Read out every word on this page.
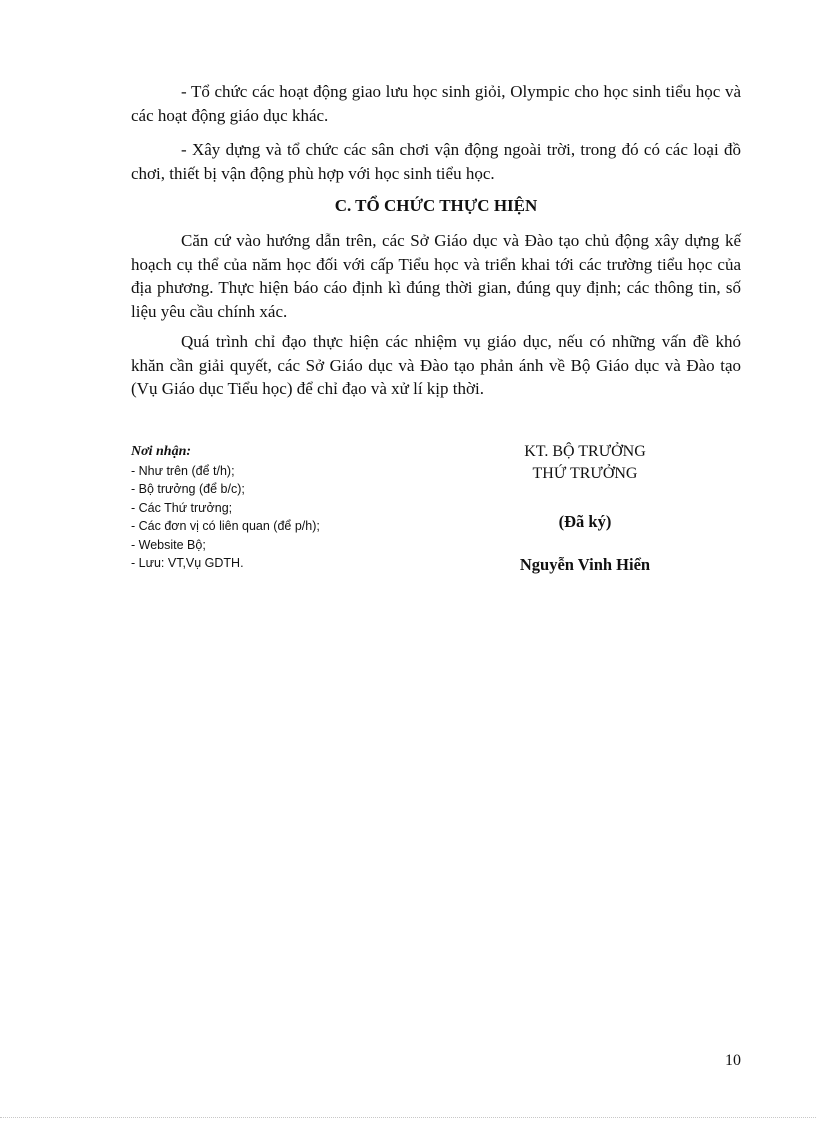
- Tổ chức các hoạt động giao lưu học sinh giỏi, Olympic cho học sinh tiểu học và các hoạt động giáo dục khác.

- Xây dựng và tổ chức các sân chơi vận động ngoài trời, trong đó có các loại đồ chơi, thiết bị vận động phù hợp với học sinh tiểu học.

C. TỔ CHỨC THỰC HIỆN

Căn cứ vào hướng dẫn trên, các Sở Giáo dục và Đào tạo chủ động xây dựng kế hoạch cụ thể của năm học đối với cấp Tiểu học và triển khai tới các trường tiểu học của địa phương. Thực hiện báo cáo định kì đúng thời gian, đúng quy định; các thông tin, số liệu yêu cầu chính xác.

Quá trình chỉ đạo thực hiện các nhiệm vụ giáo dục, nếu có những vấn đề khó khăn cần giải quyết, các Sở Giáo dục và Đào tạo phản ánh về Bộ Giáo dục và Đào tạo (Vụ Giáo dục Tiểu học) để chỉ đạo và xử lí kịp thời.

Nơi nhận:
- Như trên (để t/h);
- Bộ trưởng (để b/c);
- Các Thứ trưởng;
- Các đơn vị có liên quan (để p/h);
- Website Bộ;
- Lưu: VT,Vụ GDTH.
KT. BỘ TRƯỞNG
THỨ TRƯỞNG
(Đã ký)
Nguyễn Vinh Hiển
10
